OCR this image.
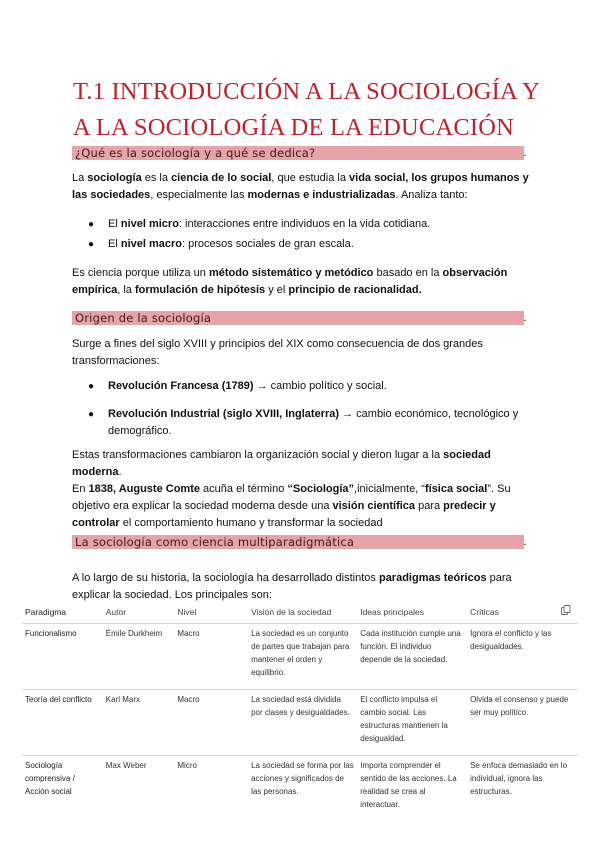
T.1 INTRODUCCIÓN A LA SOCIOLOGÍA Y A LA SOCIOLOGÍA DE LA EDUCACIÓN
¿Qué es la sociología y a qué se dedica?	.

La sociología es la ciencia de lo social, que estudia la vida social, los grupos humanos y las sociedades, especialmente las modernas e industrializadas. Analiza tanto:

●	El nivel micro: interacciones entre individuos en la vida cotidiana.
●	El nivel macro: procesos sociales de gran escala.

Es ciencia porque utiliza un método sistemático y metódico basado en la observación empírica, la formulación de hipótesis y el principio de racionalidad.

Origen de la sociología	.

Surge a fines del siglo XVIII y principios del XIX como consecuencia de dos grandes transformaciones:

●	Revolución Francesa (1789) → cambio político y social.
●	Revolución Industrial (siglo XVIII, Inglaterra) → cambio económico, tecnológico y demográfico.

Estas transformaciones cambiaron la organización social y dieron lugar a la sociedad moderna.
En 1838, Auguste Comte acuña el término “Sociología”,inicialmente, “física social”. Su objetivo era explicar la sociedad moderna desde una visión científica para predecir y controlar el comportamiento humano y transformar la sociedad

La sociología como ciencia multiparadigmática	.

A lo largo de su historia, la sociología ha desarrollado distintos paradigmas teóricos para explicar la sociedad. Los principales son:

Paradigma	Autor	Nivel	Visión de la sociedad	Ideas principales	Críticas
Funcionalismo	Émile Durkheim	Macro	La sociedad es un conjunto de partes que trabajan para mantener el orden y equilibrio.	Cada institución cumple una función. El individuo depende de la sociedad.	Ignora el conflicto y las desigualdades.
Teoría del conflicto	Karl Marx	Macro	La sociedad está dividida por clases y desigualdades.	El conflicto impulsa el cambio social. Las estructuras mantienen la desigualdad.	Olvida el consenso y puede ser muy político.
Sociología comprensiva / Acción social	Max Weber	Micro	La sociedad se forma por las acciones y significados de las personas.	Importa comprender el sentido de las acciones. La realidad se crea al interactuar.	Se enfoca demasiado en lo individual, ignora las estructuras.
